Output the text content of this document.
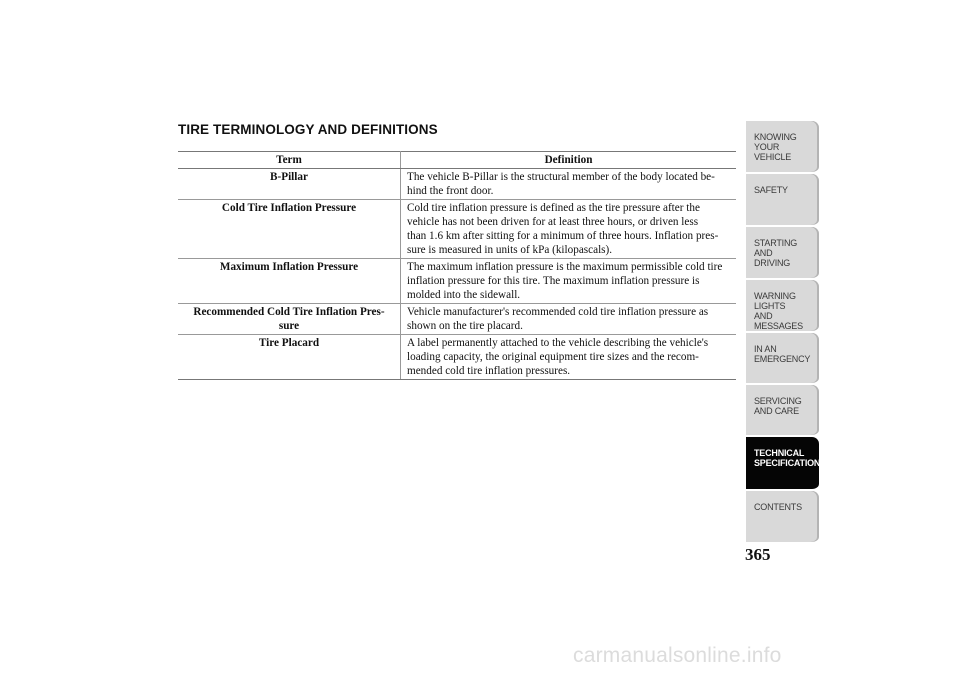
TIRE TERMINOLOGY AND DEFINITIONS
Term	Definition
B-Pillar	The vehicle B-Pillar is the structural member of the body located be-
hind the front door.
Cold Tire Inflation Pressure	Cold tire inflation pressure is defined as the tire pressure after the
vehicle has not been driven for at least three hours, or driven less
than 1.6 km after sitting for a minimum of three hours. Inflation pres-
sure is measured in units of kPa (kilopascals).
Maximum Inflation Pressure	The maximum inflation pressure is the maximum permissible cold tire
inflation pressure for this tire. The maximum inflation pressure is
molded into the sidewall.
Recommended Cold Tire Inflation Pres-
sure	Vehicle manufacturer's recommended cold tire inflation pressure as
shown on the tire placard.
Tire Placard	A label permanently attached to the vehicle describing the vehicle's
loading capacity, the original equipment tire sizes and the recom-
mended cold tire inflation pressures.
KNOWING
YOUR
VEHICLE
SAFETY
STARTING
AND
DRIVING
WARNING
LIGHTS
AND
MESSAGES
IN AN
EMERGENCY
SERVICING
AND CARE
TECHNICAL
SPECIFICATIONS
CONTENTS

365

carmanualsonline.info
